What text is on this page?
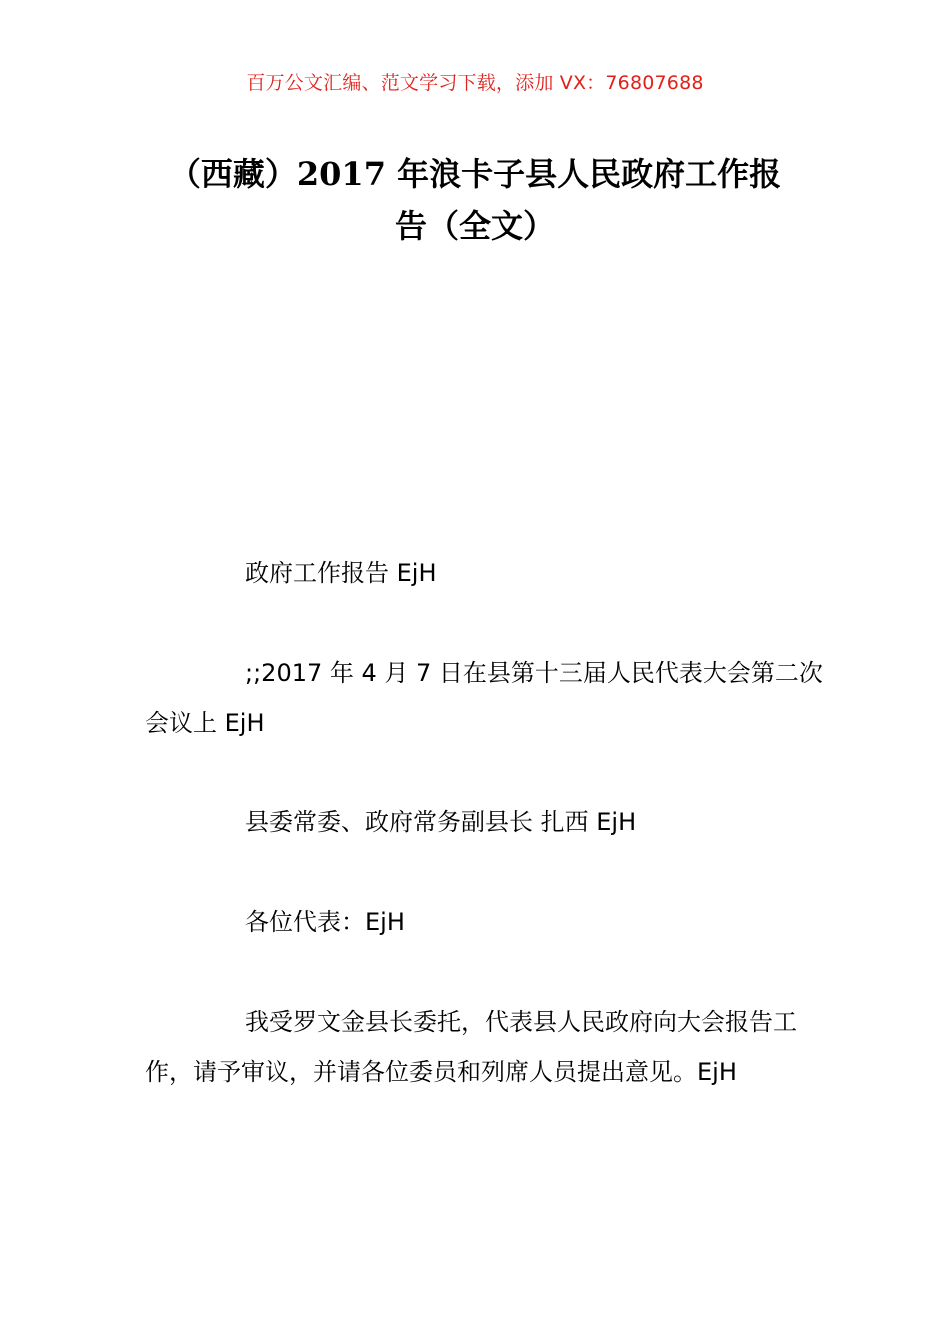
百万公文汇编、范文学习下载，添加 VX：76807688
（西藏）2017 年浪卡子县人民政府工作报
告（全文）

政府工作报告 EjH

;;2017 年 4 月 7 日在县第十三届人民代表大会第二次会议上 EjH

县委常委、政府常务副县长 扎西 EjH

各位代表：EjH

我受罗文金县长委托，代表县人民政府向大会报告工作，请予审议，并请各位委员和列席人员提出意见。EjH
